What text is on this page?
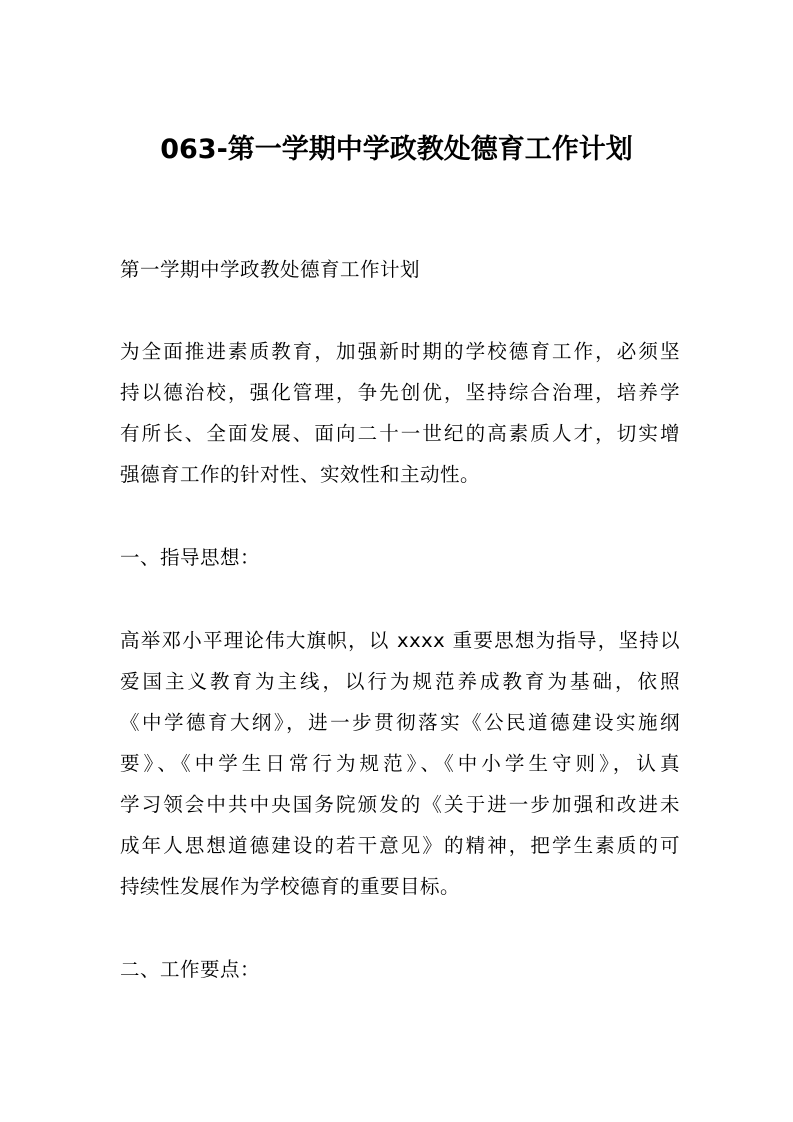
063-第一学期中学政教处德育工作计划
第一学期中学政教处德育工作计划
为全面推进素质教育，加强新时期的学校德育工作，必须坚
持以德治校，强化管理，争先创优，坚持综合治理，培养学
有所长、全面发展、面向二十一世纪的高素质人才，切实增
强德育工作的针对性、实效性和主动性。
一、指导思想：
高举邓小平理论伟大旗帜，以 xxxx 重要思想为指导，坚持以
爱国主义教育为主线，以行为规范养成教育为基础，依照
《中学德育大纲》，进一步贯彻落实《公民道德建设实施纲
要》、《中学生日常行为规范》、《中小学生守则》，认真
学习领会中共中央国务院颁发的《关于进一步加强和改进未
成年人思想道德建设的若干意见》的精神，把学生素质的可
持续性发展作为学校德育的重要目标。
二、工作要点：
